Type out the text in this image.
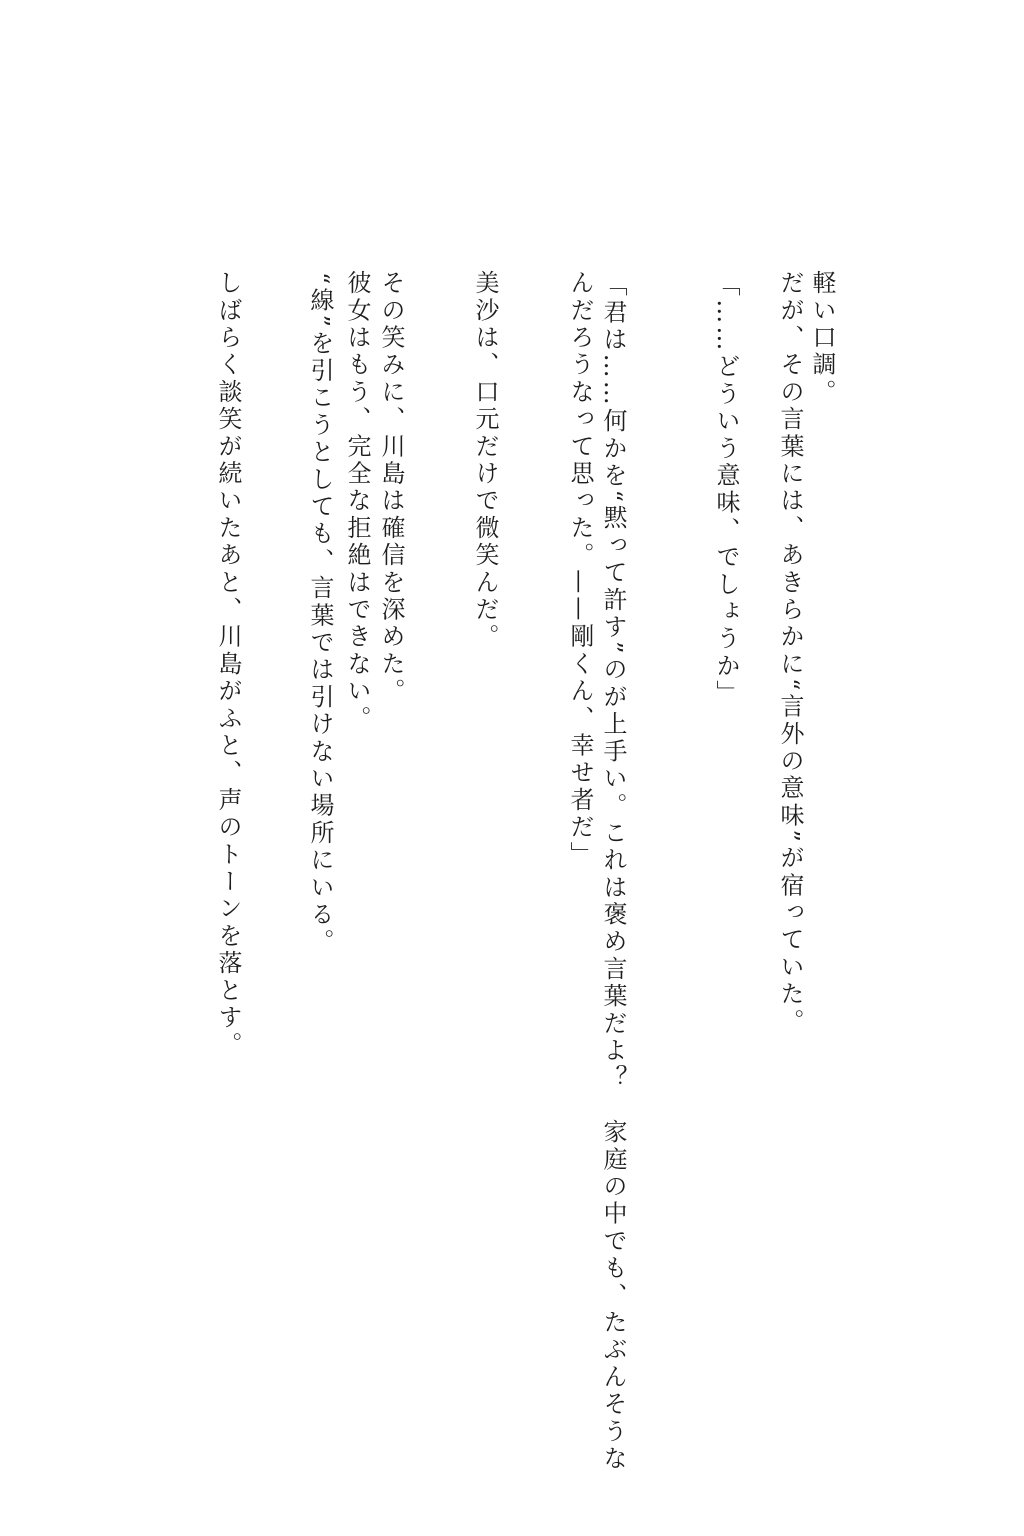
軽い口調。

だが、その言葉には、あきらかに“言外の意味”が宿っていた。

「……どういう意味、でしょうか」

「君は……何かを“黙って許す”のが上手い。これは褒め言葉だよ？　家庭の中でも、たぶんそうな

んだろうなって思った。——剛くん、幸せ者だ」

美沙は、口元だけで微笑んだ。

その笑みに、川島は確信を深めた。

彼女はもう、完全な拒絶はできない。

“線”を引こうとしても、言葉では引けない場所にいる。

しばらく談笑が続いたあと、川島がふと、声のトーンを落とす。
